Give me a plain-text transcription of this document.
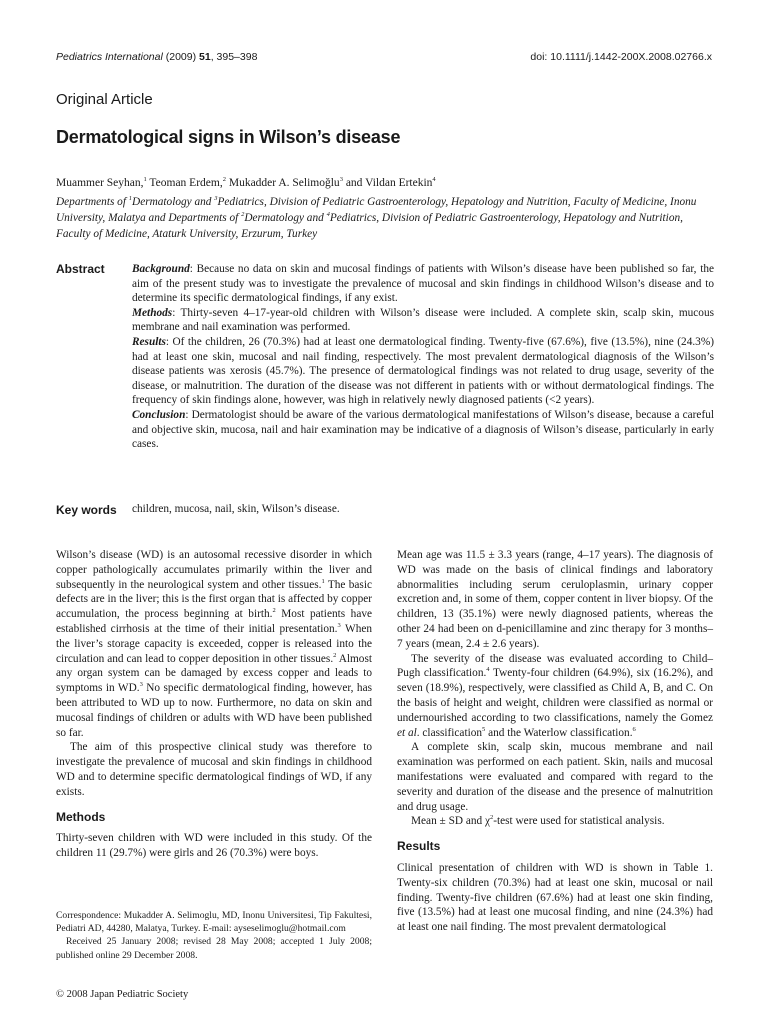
Pediatrics International (2009) 51, 395–398	doi: 10.1111/j.1442-200X.2008.02766.x
Original Article
Dermatological signs in Wilson’s disease
Muammer Seyhan,$^1$ Teoman Erdem,$^2$ Mukadder A. Selimoğlu$^3$ and Vildan Ertekin$^4$
Departments of $^1$Dermatology and $^3$Pediatrics, Division of Pediatric Gastroenterology, Hepatology and Nutrition, Faculty of Medicine, Inonu University, Malatya and Departments of $^2$Dermatology and $^4$Pediatrics, Division of Pediatric Gastroenterology, Hepatology and Nutrition, Faculty of Medicine, Ataturk University, Erzurum, Turkey
Abstract Background: Because no data on skin and mucosal findings of patients with Wilson’s disease have been published so far, the aim of the present study was to investigate the prevalence of mucosal and skin findings in childhood Wilson’s disease and to determine its specific dermatological findings, if any exist.

Methods: Thirty-seven 4–17-year-old children with Wilson’s disease were included. A complete skin, scalp skin, mucous membrane and nail examination was performed.

Results: Of the children, 26 (70.3%) had at least one dermatological finding. Twenty-five (67.6%), five (13.5%), nine (24.3%) had at least one skin, mucosal and nail finding, respectively. The most prevalent dermatological diagnosis of the Wilson’s disease patients was xerosis (45.7%). The presence of dermatological findings was not related to drug usage, severity of the disease, or malnutrition. The duration of the disease was not different in patients with or without dermatological findings. The frequency of skin findings alone, however, was high in relatively newly diagnosed patients (<2 years).

Conclusion: Dermatologist should be aware of the various dermatological manifestations of Wilson’s disease, because a careful and objective skin, mucosa, nail and hair examination may be indicative of a diagnosis of Wilson’s disease, particularly in early cases.

Key words children, mucosa, nail, skin, Wilson’s disease.

Wilson’s disease (WD) is an autosomal recessive disorder in which copper pathologically accumulates primarily within the liver and subsequently in the neurological system and other tissues.$^1$ The basic defects are in the liver; this is the first organ that is affected by copper accumulation, the process beginning at birth.$^2$ Most patients have established cirrhosis at the time of their initial presentation.$^3$ When the liver’s storage capacity is exceeded, copper is released into the circulation and can lead to copper deposition in other tissues.$^2$ Almost any organ system can be damaged by excess copper and leads to symptoms in WD.$^3$ No specific dermatological finding, however, has been attributed to WD up to now. Furthermore, no data on skin and mucosal findings of children or adults with WD have been published so far.

The aim of this prospective clinical study was therefore to investigate the prevalence of mucosal and skin findings in childhood WD and to determine specific dermatological findings of WD, if any exists.

Methods

Thirty-seven children with WD were included in this study. Of the children 11 (29.7%) were girls and 26 (70.3%) were boys.

Mean age was 11.5 ± 3.3 years (range, 4–17 years). The diagnosis of WD was made on the basis of clinical findings and laboratory abnormalities including serum ceruloplasmin, urinary copper excretion and, in some of them, copper content in liver biopsy. Of the children, 13 (35.1%) were newly diagnosed patients, whereas the other 24 had been on d-penicillamine and zinc therapy for 3 months–7 years (mean, 2.4 ± 2.6 years).

The severity of the disease was evaluated according to Child–Pugh classification.$^4$ Twenty-four children (64.9%), six (16.2%), and seven (18.9%), respectively, were classified as Child A, B, and C. On the basis of height and weight, children were classified as normal or undernourished according to two classifications, namely the Gomez et al. classification$^5$ and the Waterlow classification.$^6$

A complete skin, scalp skin, mucous membrane and nail examination was performed on each patient. Skin, nails and mucosal manifestations were evaluated and compared with regard to the severity and duration of the disease and the presence of malnutrition and drug usage.

Mean ± SD and $\chi^2$-test were used for statistical analysis.

Results

Clinical presentation of children with WD is shown in Table 1. Twenty-six children (70.3%) had at least one skin, mucosal or nail finding. Twenty-five children (67.6%) had at least one skin finding, five (13.5%) had at least one mucosal finding, and nine (24.3%) had at least one nail finding. The most prevalent dermatological

Correspondence: Mukadder A. Selimoglu, MD, Inonu Universitesi, Tip Fakultesi, Pediatri AD, 44280, Malatya, Turkey. E-mail: ayseselimoglu@hotmail.com

Received 25 January 2008; revised 28 May 2008; accepted 1 July 2008; published online 29 December 2008.

© 2008 Japan Pediatric Society
